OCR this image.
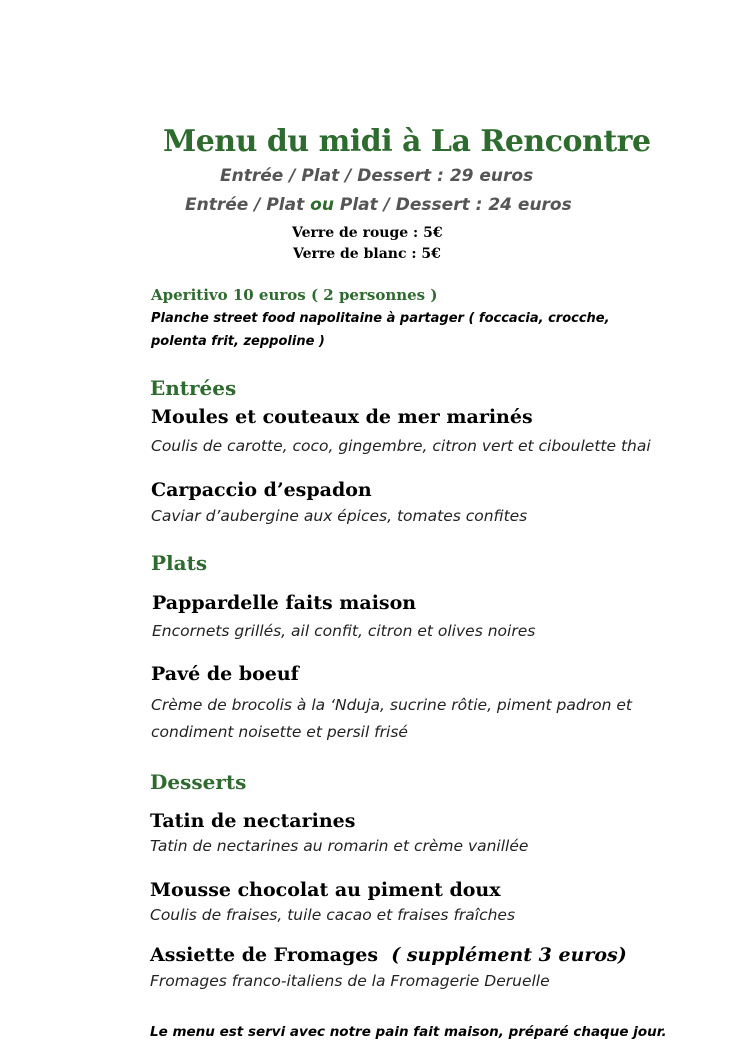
Menu du midi à La Rencontre
Entrée / Plat / Dessert : 29 euros
Entrée / Plat ou Plat / Dessert : 24 euros
Verre de rouge : 5€
Verre de blanc : 5€
Aperitivo 10 euros ( 2 personnes )
Planche street food napolitaine à partager ( foccacia, crocche,
polenta frit, zeppoline )
Entrées
Moules et couteaux de mer marinés
Coulis de carotte, coco, gingembre, citron vert et ciboulette thai
Carpaccio d’espadon
Caviar d’aubergine aux épices, tomates confites
Plats
Pappardelle faits maison
Encornets grillés, ail confit, citron et olives noires
Pavé de boeuf
Crème de brocolis à la ‘Nduja, sucrine rôtie, piment padron et
condiment noisette et persil frisé
Desserts
Tatin de nectarines
Tatin de nectarines au romarin et crème vanillée
Mousse chocolat au piment doux
Coulis de fraises, tuile cacao et fraises fraîches
Assiette de Fromages ( supplément 3 euros)
Fromages franco-italiens de la Fromagerie Deruelle
Le menu est servi avec notre pain fait maison, préparé chaque jour.
